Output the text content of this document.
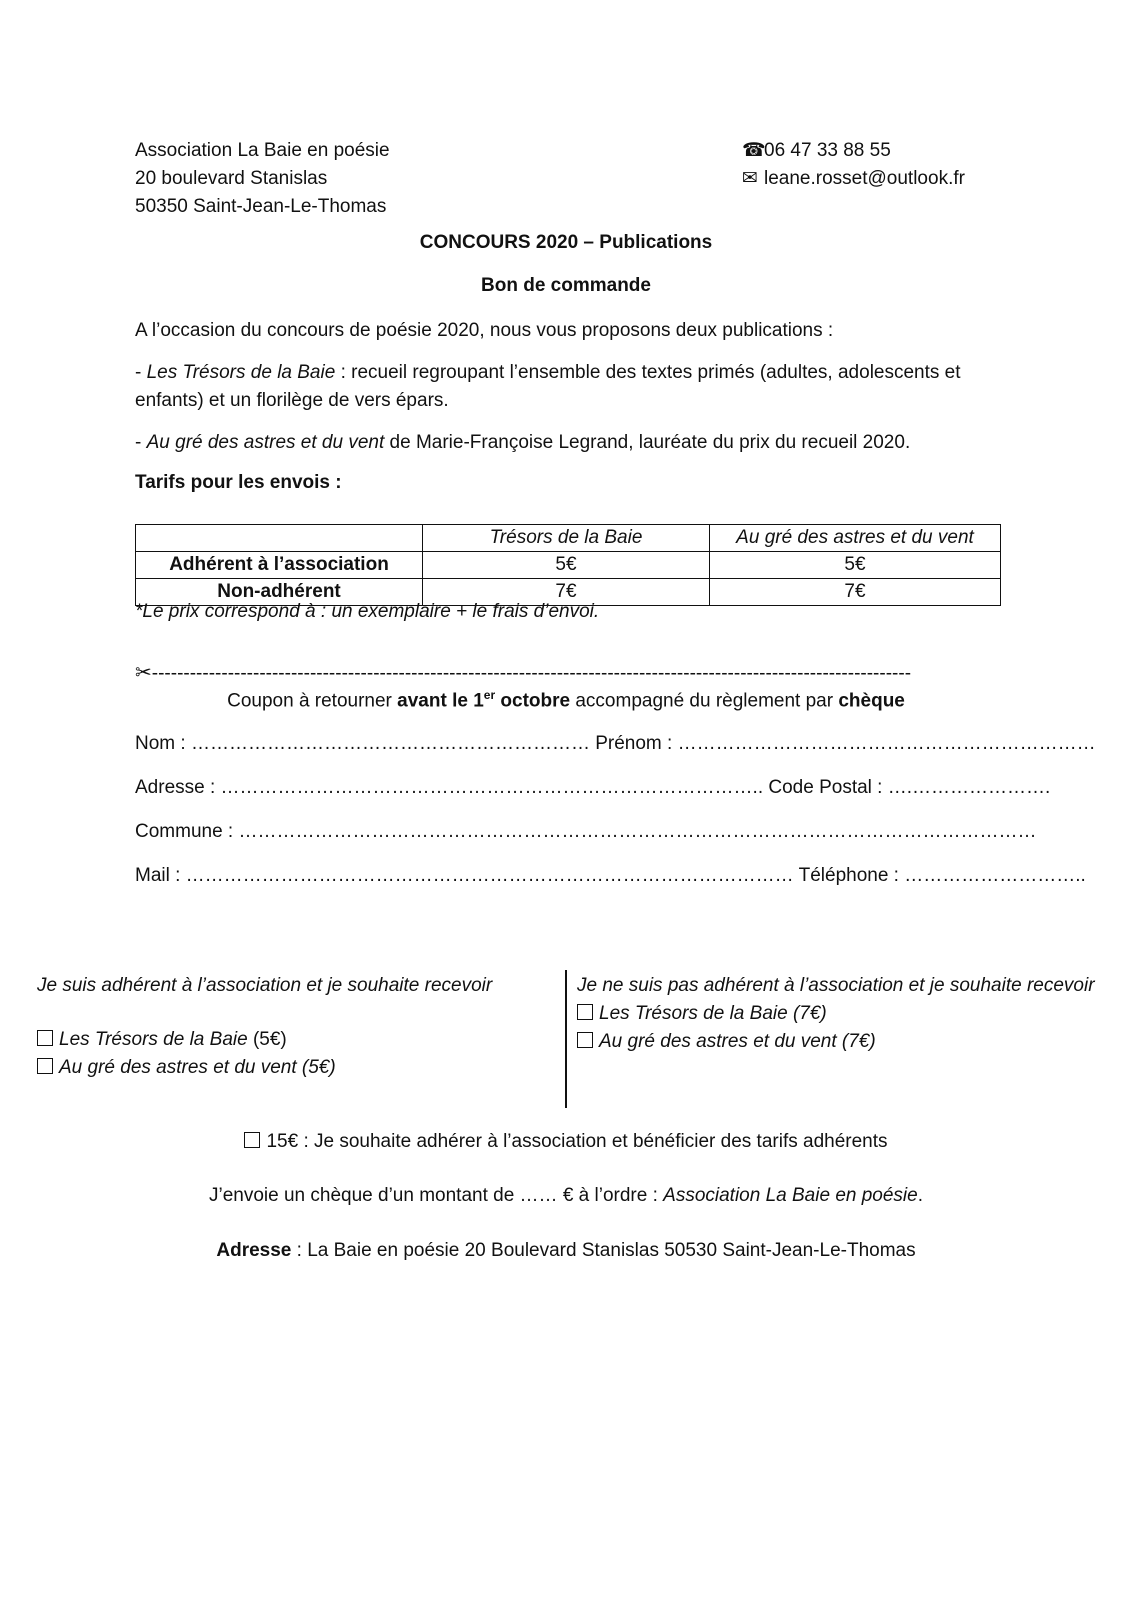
Association La Baie en poésie
20 boulevard Stanislas
50350 Saint-Jean-Le-Thomas
☎06 47 33 88 55
✉ leane.rosset@outlook.fr
CONCOURS 2020 – Publications
Bon de commande
A l’occasion du concours de poésie 2020, nous vous proposons deux publications :
- Les Trésors de la Baie : recueil regroupant l’ensemble des textes primés (adultes, adolescents et enfants) et un florilège de vers épars.
- Au gré des astres et du vent de Marie-Françoise Legrand, lauréate du prix du recueil 2020.
Tarifs pour les envois :
	Trésors de la Baie	Au gré des astres et du vent
Adhérent à l’association	5€	5€
Non-adhérent	7€	7€
*Le prix correspond à : un exemplaire + le frais d’envoi.
✂------------------------------------------------------------------------------------------------------------------------
Coupon à retourner avant le 1er octobre accompagné du règlement par chèque
Nom : ……………………………………………………… Prénom : …………………………………………………………
Adresse : ………………………………………………………………………….. Code Postal : ….………………….
Commune : ………………………………………………………………………………………………………………
Mail : …………………………………………………………………………………… Téléphone : ………………………..
Je suis adhérent à l’association et je souhaite recevoir
Les Trésors de la Baie (5€)
Au gré des astres et du vent (5€)
Je ne suis pas adhérent à l’association et je souhaite recevoir
Les Trésors de la Baie (7€)
Au gré des astres et du vent (7€)
15€ : Je souhaite adhérer à l’association et bénéficier des tarifs adhérents
J’envoie un chèque d’un montant de …… € à l’ordre : Association La Baie en poésie.
Adresse : La Baie en poésie 20 Boulevard Stanislas 50530 Saint-Jean-Le-Thomas
